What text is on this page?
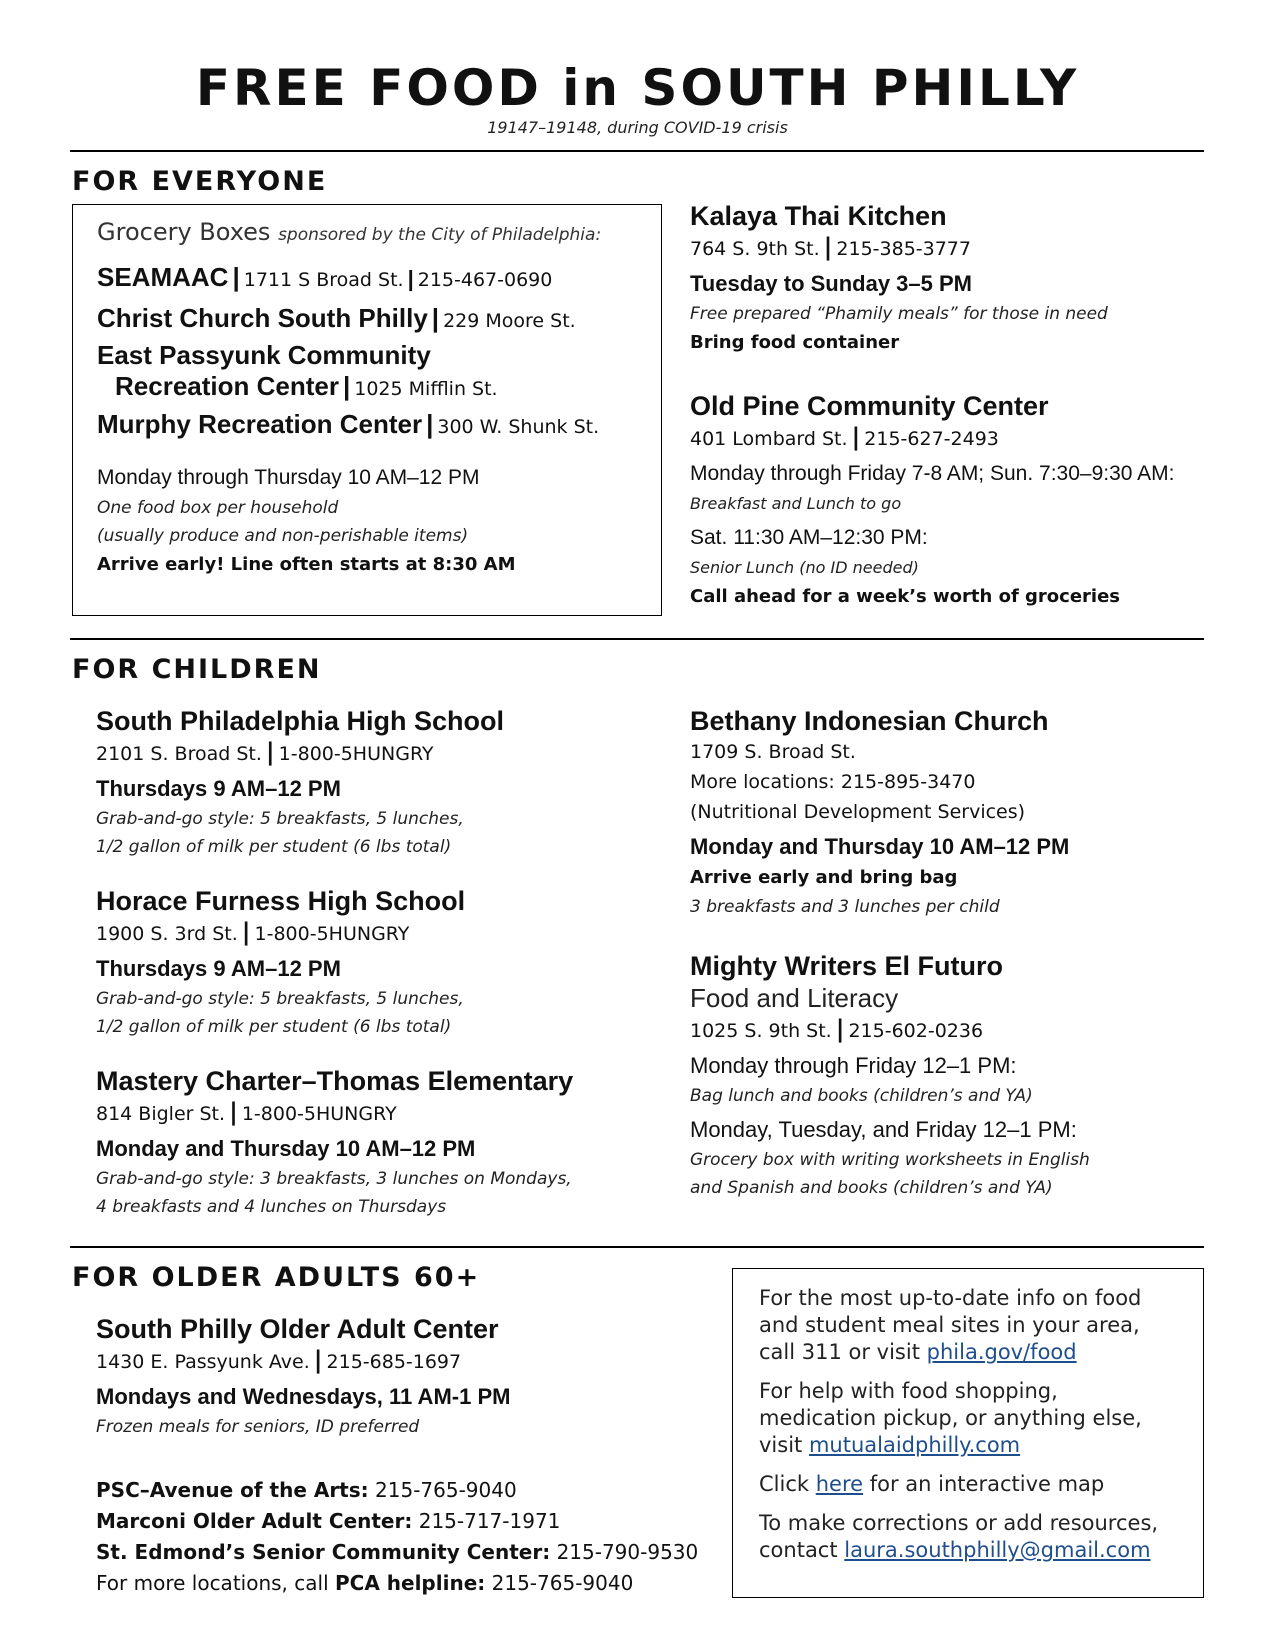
FREE FOOD in SOUTH PHILLY
19147–19148, during COVID-19 crisis
FOR EVERYONE
Grocery Boxes sponsored by the City of Philadelphia:
SEAMAAC | 1711 S Broad St. | 215-467-0690
Christ Church South Philly | 229 Moore St.
East Passyunk Community
Recreation Center | 1025 Mifflin St.
Murphy Recreation Center | 300 W. Shunk St.
Monday through Thursday 10 AM–12 PM
One food box per household
(usually produce and non-perishable items)
Arrive early! Line often starts at 8:30 AM
Kalaya Thai Kitchen
764 S. 9th St. | 215-385-3777
Tuesday to Sunday 3–5 PM
Free prepared “Phamily meals” for those in need
Bring food container
Old Pine Community Center
401 Lombard St. | 215-627-2493
Monday through Friday 7-8 AM; Sun. 7:30–9:30 AM:
Breakfast and Lunch to go
Sat. 11:30 AM–12:30 PM:
Senior Lunch (no ID needed)
Call ahead for a week’s worth of groceries
FOR CHILDREN
South Philadelphia High School
2101 S. Broad St. | 1-800-5HUNGRY
Thursdays 9 AM–12 PM
Grab-and-go style: 5 breakfasts, 5 lunches,
1/2 gallon of milk per student (6 lbs total)
Horace Furness High School
1900 S. 3rd St. | 1-800-5HUNGRY
Thursdays 9 AM–12 PM
Grab-and-go style: 5 breakfasts, 5 lunches,
1/2 gallon of milk per student (6 lbs total)
Mastery Charter–Thomas Elementary
814 Bigler St. | 1-800-5HUNGRY
Monday and Thursday 10 AM–12 PM
Grab-and-go style: 3 breakfasts, 3 lunches on Mondays,
4 breakfasts and 4 lunches on Thursdays
Bethany Indonesian Church
1709 S. Broad St.
More locations: 215-895-3470
(Nutritional Development Services)
Monday and Thursday 10 AM–12 PM
Arrive early and bring bag
3 breakfasts and 3 lunches per child
Mighty Writers El Futuro
Food and Literacy
1025 S. 9th St. | 215-602-0236
Monday through Friday 12–1 PM:
Bag lunch and books (children’s and YA)
Monday, Tuesday, and Friday 12–1 PM:
Grocery box with writing worksheets in English
and Spanish and books (children’s and YA)
FOR OLDER ADULTS 60+
South Philly Older Adult Center
1430 E. Passyunk Ave. | 215-685-1697
Mondays and Wednesdays, 11 AM-1 PM
Frozen meals for seniors, ID preferred
PSC–Avenue of the Arts: 215-765-9040
Marconi Older Adult Center: 215-717-1971
St. Edmond’s Senior Community Center: 215-790-9530
For more locations, call PCA helpline: 215-765-9040

For the most up-to-date info on food and student meal sites in your area, call 311 or visit phila.gov/food

For help with food shopping, medication pickup, or anything else, visit mutualaidphilly.com

Click here for an interactive map

To make corrections or add resources, contact laura.southphilly@gmail.com
